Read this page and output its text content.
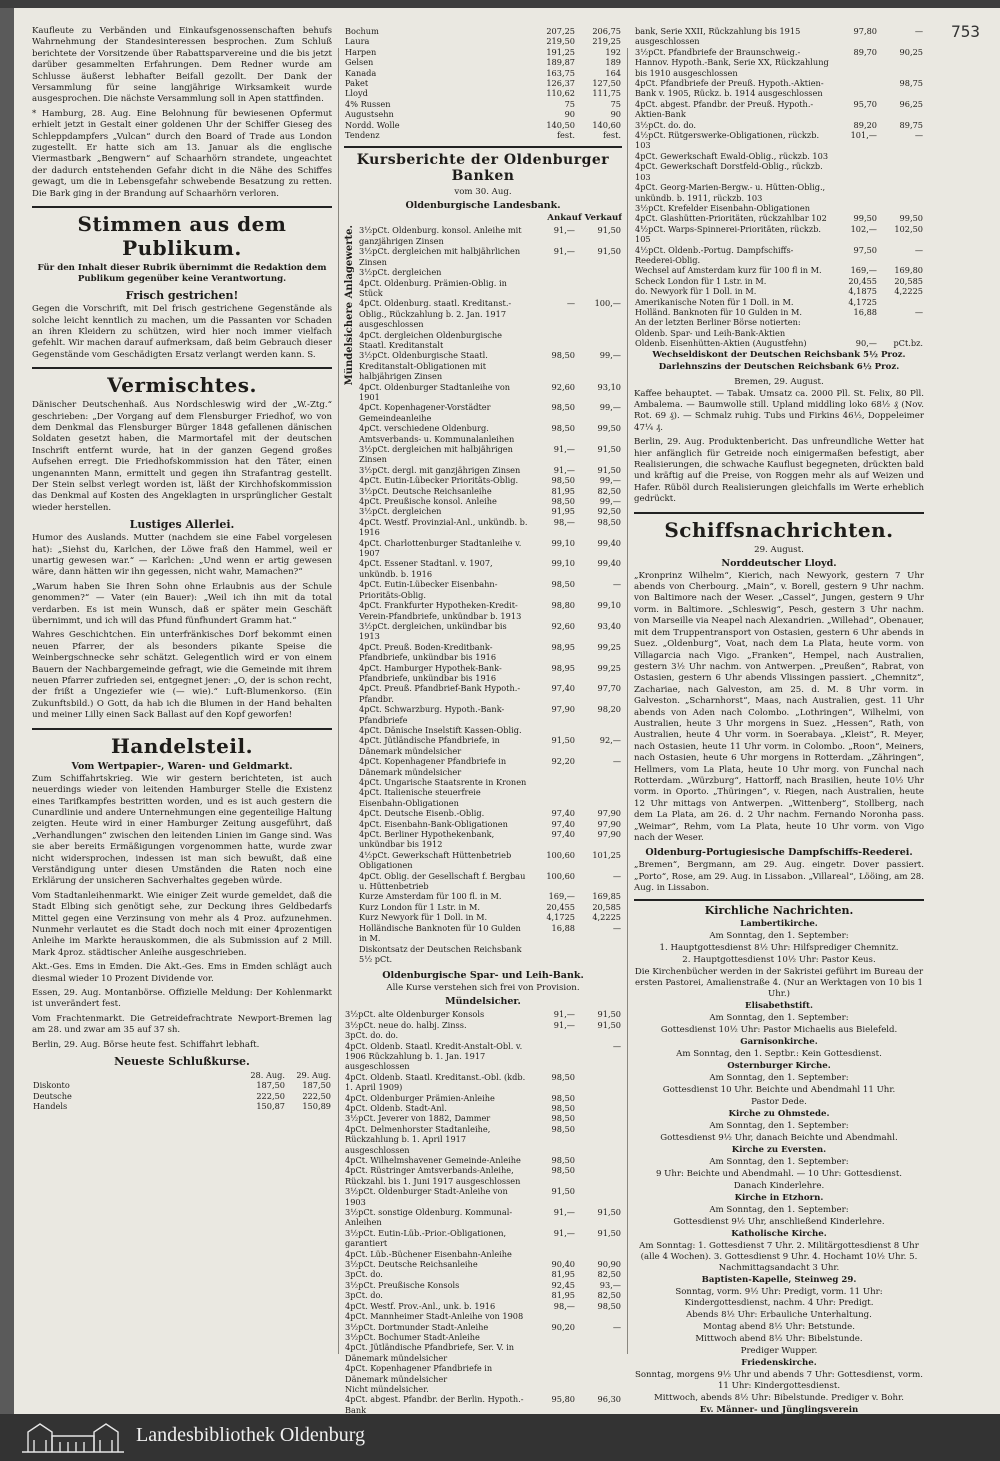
753

Kaufleute zu Verbänden und Einkaufsgenossenschaften behufs Wahrnehmung der Standesinteressen besprochen. Zum Schluß berichtete der Vorsitzende über Rabattsparvereine und die bis jetzt darüber gesammelten Erfahrungen. Dem Redner wurde am Schlusse äußerst lebhafter Beifall gezollt. Der Dank der Versammlung für seine langjährige Wirksamkeit wurde ausgesprochen. Die nächste Versammlung soll in Apen stattfinden.

* Hamburg, 28. Aug. Eine Belohnung für bewiesenen Opfermut erhielt jetzt in Gestalt einer goldenen Uhr der Schiffer Gieseg des Schleppdampfers „Vulcan“ durch den Board of Trade aus London zugestellt. Er hatte sich am 13. Januar als die englische Viermastbark „Bengwern“ auf Schaarhörn strandete, ungeachtet der dadurch entstehenden Gefahr dicht in die Nähe des Schiffes gewagt, um die in Lebensgefahr schwebende Besatzung zu retten. Die Bark ging in der Brandung auf Schaarhörn verloren.

Stimmen aus dem Publikum.
Für den Inhalt dieser Rubrik übernimmt die Redaktion dem Publikum gegenüber keine Verantwortung.
Frisch gestrichen!

Gegen die Vorschrift, mit Del frisch gestrichene Gegenstände als solche leicht kenntlich zu machen, um die Passanten vor Schaden an ihren Kleidern zu schützen, wird hier noch immer vielfach gefehlt. Wir machen darauf aufmerksam, daß beim Gebrauch dieser Gegenstände vom Geschädigten Ersatz verlangt werden kann. S.

Vermischtes.

Dänischer Deutschenhaß. Aus Nordschleswig wird der „W.-Ztg.“ geschrieben: „Der Vorgang auf dem Flensburger Friedhof, wo von dem Denkmal das Flensburger Bürger 1848 gefallenen dänischen Soldaten gesetzt haben, die Marmortafel mit der deutschen Inschrift entfernt wurde, hat in der ganzen Gegend großes Aufsehen erregt. Die Friedhofskommission hat den Täter, einen ungenannten Mann, ermittelt und gegen ihn Strafantrag gestellt. Der Stein selbst verlegt worden ist, läßt der Kirchhofskommission das Denkmal auf Kosten des Angeklagten in ursprünglicher Gestalt wieder herstellen.

Lustiges Allerlei.

Humor des Auslands. Mutter (nachdem sie eine Fabel vorgelesen hat): „Siehst du, Karlchen, der Löwe fraß den Hammel, weil er unartig gewesen war.“ — Karlchen: „Und wenn er artig gewesen wäre, dann hätten wir ihn gegessen, nicht wahr, Mamachen?“

„Warum haben Sie Ihren Sohn ohne Erlaubnis aus der Schule genommen?“ — Vater (ein Bauer): „Weil ich ihn mit da total verdarben. Es ist mein Wunsch, daß er später mein Geschäft übernimmt, und ich will das Pfund fünfhundert Gramm hat.“

Wahres Geschichtchen. Ein unterfränkisches Dorf bekommt einen neuen Pfarrer, der als besonders pikante Speise die Weinbergschnecke sehr schätzt. Gelegentlich wird er von einem Bauern der Nachbargemeinde gefragt, wie die Gemeinde mit ihrem neuen Pfarrer zufrieden sei, entgegnet jener: „O, der is schon recht, der frißt a Ungeziefer wie (— wie).“ Luft-Blumenkorso. (Ein Zukunftsbild.) O Gott, da hab ich die Blumen in der Hand behalten und meiner Lilly einen Sack Ballast auf den Kopf geworfen!

Handelsteil.
Vom Wertpapier-, Waren- und Geldmarkt.

Zum Schiffahrtskrieg. Wie wir gestern berichteten, ist auch neuerdings wieder von leitenden Hamburger Stelle die Existenz eines Tarifkampfes bestritten worden, und es ist auch gestern die Cunardlinie und andere Unternehmungen eine gegenteilige Haltung zeigten. Heute wird in einer Hamburger Zeitung ausgeführt, daß „Verhandlungen“ zwischen den leitenden Linien im Gange sind. Was sie aber bereits Ermäßigungen vorgenommen hatte, wurde zwar nicht widersprochen, indessen ist man sich bewußt, daß eine Verständigung unter diesen Umständen die Raten noch eine Erklärung der unsicheren Sachverhaltes gegeben würde.

Vom Stadtanleihenmarkt. Wie einiger Zeit wurde gemeldet, daß die Stadt Elbing sich genötigt sehe, zur Deckung ihres Geldbedarfs Mittel gegen eine Verzinsung von mehr als 4 Proz. aufzunehmen. Nunmehr verlautet es die Stadt doch noch mit einer 4prozentigen Anleihe im Markte herauskommen, die als Submission auf 2 Mill. Mark 4proz. städtischer Anleihe ausgeschrieben.

Akt.-Ges. Ems in Emden. Die Akt.-Ges. Ems in Emden schlägt auch diesmal wieder 10 Prozent Dividende vor.

Essen, 29. Aug. Montanbörse. Offizielle Meldung: Der Kohlenmarkt ist unverändert fest.

Vom Frachtenmarkt. Die Getreidefrachtrate Newport-Bremen lag am 28. und zwar am 35 auf 37 sh.

Berlin, 29. Aug. Börse heute fest. Schiffahrt lebhaft.

Neueste Schlußkurse.
	28. Aug.	29. Aug.
Diskonto	187,50	187,50
Deutsche	222,50	222,50
Handels	150,87	150,89
Bochum	207,25	206,75
Laura	219,50	219,25
Harpen	191,25	192
Gelsen	189,87	189
Kanada	163,75	164
Paket	126,37	127,50
Lloyd	110,62	111,75
4% Russen	75	75
Augustsehn	90	90
Nordd. Wolle	140,50	140,60
Tendenz	fest.	fest.
Kursberichte der Oldenburger Banken
vom 30. Aug.
Oldenburgische Landesbank.
Ankauf Verkauf
Mündelsichere Anlagewerte. 3½pCt. Oldenburg. konsol. Anleihe mit ganzjährigen Zinsen	91,—	91,50
3½pCt. dergleichen mit halbjährlichen Zinsen	91,—	91,50
3½pCt. dergleichen		
4pCt. Oldenburg. Prämien-Oblig. in Stück		
4pCt. Oldenburg. staatl. Kreditanst.-Oblig., Rückzahlung b. 2. Jan. 1917 ausgeschlossen	—	100,—
4pCt. dergleichen Oldenburgische Staatl. Kreditanstalt		
3½pCt. Oldenburgische Staatl. Kreditanstalt-Obligationen mit halbjährigen Zinsen	98,50	99,—
4pCt. Oldenburger Stadtanleihe von 1901	92,60	93,10
4pCt. Kopenhagener-Vorstädter Gemeindeanleihe	98,50	99,—
4pCt. verschiedene Oldenburg. Amtsverbands- u. Kommunalanleihen	98,50	99,50
3½pCt. dergleichen mit halbjährigen Zinsen	91,—	91,50
3½pCt. dergl. mit ganzjährigen Zinsen	91,—	91,50
4pCt. Eutin-Lübecker Prioritäts-Oblig.	98,50	99,—
3½pCt. Deutsche Reichsanleihe	81,95	82,50
4pCt. Preußische konsol. Anleihe	98,50	99,—
3½pCt. dergleichen	91,95	92,50
4pCt. Westf. Provinzial-Anl., unkündb. b. 1916	98,—	98,50
4pCt. Charlottenburger Stadtanleihe v. 1907	99,10	99,40
4pCt. Essener Stadtanl. v. 1907, unkündb. b. 1916	99,10	99,40
4pCt. Eutin-Lübecker Eisenbahn-Prioritäts-Oblig.	98,50	—
4pCt. Frankfurter Hypotheken-Kredit-Verein-Pfandbriefe, unkündbar b. 1913	98,80	99,10
3½pCt. dergleichen, unkündbar bis 1913	92,60	93,40
4pCt. Preuß. Boden-Kreditbank-Pfandbriefe, unkündbar bis 1916	98,95	99,25
4pCt. Hamburger Hypothek-Bank-Pfandbriefe, unkündbar bis 1916	98,95	99,25
4pCt. Preuß. Pfandbrief-Bank Hypoth.-Pfandbr.	97,40	97,70
4pCt. Schwarzburg. Hypoth.-Bank-Pfandbriefe	97,90	98,20
4pCt. Dänische Inselstift Kassen-Oblig.		
4pCt. Jütländische Pfandbriefe, in Dänemark mündelsicher	91,50	92,—
4pCt. Kopenhagener Pfandbriefe in Dänemark mündelsicher	92,20	—
4pCt. Ungarische Staatsrente in Kronen		
4pCt. Italienische steuerfreie Eisenbahn-Obligationen		
4pCt. Deutsche Eisenb.-Oblig.	97,40	97,90
4pCt. Eisenbahn-Bank-Obligationen	97,40	97,90
4pCt. Berliner Hypothekenbank, unkündbar bis 1912	97,40	97,90
4½pCt. Gewerkschaft Hüttenbetrieb Obligationen	100,60	101,25
4pCt. Oblig. der Gesellschaft f. Bergbau u. Hüttenbetrieb	100,60	—
Kurze Amsterdam für 100 fl. in M.	169,—	169,85
Kurz London für 1 Lstr. in M.	20,455	20,585
Kurz Newyork für 1 Doll. in M.	4,1725	4,2225
Holländische Banknoten für 10 Gulden in M.	16,88	—
Diskontsatz der Deutschen Reichsbank 5½ pCt.		
Oldenburgische Spar- und Leih-Bank.
Alle Kurse verstehen sich frei von Provision.
Mündelsicher.
3½pCt. alte Oldenburger Konsols	91,—	91,50
3½pCt. neue do. halbj. Zinss.	91,—	91,50
3pCt. do. do.		
4pCt. Oldenb. Staatl. Kredit-Anstalt-Obl. v. 1906 Rückzahlung b. 1. Jan. 1917 ausgeschlossen		—
4pCt. Oldenb. Staatl. Kreditanst.-Obl. (kdb. 1. April 1909)	98,50	
4pCt. Oldenburger Prämien-Anleihe	98,50	
4pCt. Oldenb. Stadt-Anl.	98,50	
3½pCt. Jeverer von 1882, Dammer	98,50	
4pCt. Delmenhorster Stadtanleihe, Rückzahlung b. 1. April 1917 ausgeschlossen	98,50	
4pCt. Wilhelmshavener Gemeinde-Anleihe	98,50	
4pCt. Rüstringer Amtsverbands-Anleihe, Rückzahl. bis 1. Juni 1917 ausgeschlossen	98,50	
3½pCt. Oldenburger Stadt-Anleihe von 1903	91,50	
3½pCt. sonstige Oldenburg. Kommunal-Anleihen	91,—	91,50
3½pCt. Eutin-Lüb.-Prior.-Obligationen, garantiert	91,—	91,50
4pCt. Lüb.-Büchener Eisenbahn-Anleihe		
3½pCt. Deutsche Reichsanleihe	90,40	90,90
3pCt. do.	81,95	82,50
3½pCt. Preußische Konsols	92,45	93,—
3pCt. do.	81,95	82,50
4pCt. Westf. Prov.-Anl., unk. b. 1916	98,—	98,50
4pCt. Mannheimer Stadt-Anleihe von 1908		
3½pCt. Dortmunder Stadt-Anleihe	90,20	—
3½pCt. Bochumer Stadt-Anleihe		
4pCt. Jütländische Pfandbriefe, Ser. V. in Dänemark mündelsicher		
4pCt. Kopenhagener Pfandbriefe in Dänemark mündelsicher		
Nicht mündelsicher.		
4pCt. abgest. Pfandbr. der Berlin. Hypoth.-Bank	95,80	96,30

bank, Serie XXII, Rückzahlung bis 1915 ausgeschlossen	97,80	—
3½pCt. Pfandbriefe der Braunschweig.-Hannov. Hypoth.-Bank, Serie XX, Rückzahlung bis 1910 ausgeschlossen	89,70	90,25
4pCt. Pfandbriefe der Preuß. Hypoth.-Aktien-Bank v. 1905, Rückz. b. 1914 ausgeschlossen		98,75
4pCt. abgest. Pfandbr. der Preuß. Hypoth.-Aktien-Bank	95,70	96,25
3½pCt. do. do.	89,20	89,75
4½pCt. Rütgerswerke-Obligationen, rückzb. 103	101,—	—
4pCt. Gewerkschaft Ewald-Oblig., rückzb. 103		
4pCt. Gewerkschaft Dorstfeld-Oblig., rückzb. 103		
4pCt. Georg-Marien-Bergw.- u. Hütten-Oblig., unkündb. b. 1911, rückzb. 103		
3½pCt. Krefelder Eisenbahn-Obligationen		
4pCt. Glashütten-Prioritäten, rückzahlbar 102	99,50	99,50
4½pCt. Warps-Spinnerei-Prioritäten, rückzb. 105	102,—	102,50
4½pCt. Oldenb.-Portug. Dampfschiffs-Reederei-Oblig.	97,50	—
Wechsel auf Amsterdam kurz für 100 fl in M.	169,—	169,80
Scheck London für 1 Lstr. in M.	20,455	20,585
do. Newyork für 1 Doll. in M.	4,1875	4,2225
Amerikanische Noten für 1 Doll. in M.	4,1725	
Holländ. Banknoten für 10 Gulden in M.	16,88	—
An der letzten Berliner Börse notierten:		
Oldenb. Spar- und Leih-Bank-Aktien		
Oldenb. Eisenhütten-Aktien (Augustfehn)	90,—	pCt.bz.
Wechseldiskont der Deutschen Reichsbank 5½ Proz.
Darlehnszins der Deutschen Reichsbank 6½ Proz.
Bremen, 29. August.

Kaffee behauptet. — Tabak. Umsatz ca. 2000 Pll. St. Felix, 80 Pll. Ambalema. — Baumwolle still. Upland middling loko 68½ ₰ (Nov. Rot. 69 ₰). — Schmalz ruhig. Tubs und Firkins 46½, Doppeleimer 47¼ ₰.

Berlin, 29. Aug. Produktenbericht. Das unfreundliche Wetter hat hier anfänglich für Getreide noch einigermaßen befestigt, aber Realisierungen, die schwache Kauflust begegneten, drückten bald und kräftig auf die Preise, von Roggen mehr als auf Weizen und Hafer. Rüböl durch Realisierungen gleichfalls im Werte erheblich gedrückt.

Schiffsnachrichten.
29. August.
Norddeutscher Lloyd.

„Kronprinz Wilhelm“, Kierich, nach Newyork, gestern 7 Uhr abends von Cherbourg. „Main“, v. Borell, gestern 9 Uhr nachm. von Baltimore nach der Weser. „Cassel“, Jungen, gestern 9 Uhr vorm. in Baltimore. „Schleswig“, Pesch, gestern 3 Uhr nachm. von Marseille via Neapel nach Alexandrien. „Willehad“, Obenauer, mit dem Truppentransport von Ostasien, gestern 6 Uhr abends in Suez. „Oldenburg“, Voat, nach dem La Plata, heute vorm. von Villagarcia nach Vigo. „Franken“, Hempel, nach Australien, gestern 3½ Uhr nachm. von Antwerpen. „Preußen“, Rabrat, von Ostasien, gestern 6 Uhr abends Vlissingen passiert. „Chemnitz“, Zachariae, nach Galveston, am 25. d. M. 8 Uhr vorm. in Galveston. „Scharnhorst“, Maas, nach Australien, gest. 11 Uhr abends von Aden nach Colombo. „Lothringen“, Wilhelmi, von Australien, heute 3 Uhr morgens in Suez. „Hessen“, Rath, von Australien, heute 4 Uhr vorm. in Soerabaya. „Kleist“, R. Meyer, nach Ostasien, heute 11 Uhr vorm. in Colombo. „Roon“, Meiners, nach Ostasien, heute 6 Uhr morgens in Rotterdam. „Zähringen“, Hellmers, vom La Plata, heute 10 Uhr morg. von Funchal nach Rotterdam. „Würzburg“, Hattorff, nach Brasilien, heute 10½ Uhr vorm. in Oporto. „Thüringen“, v. Riegen, nach Australien, heute 12 Uhr mittags von Antwerpen. „Wittenberg“, Stollberg, nach dem La Plata, am 26. d. 2 Uhr nachm. Fernando Noronha pass. „Weimar“, Rehm, vom La Plata, heute 10 Uhr vorm. von Vigo nach der Weser.

Oldenburg-Portugiesische Dampfschiffs-Reederei.

„Bremen“, Bergmann, am 29. Aug. eingetr. Dover passiert. „Porto“, Rose, am 29. Aug. in Lissabon. „Villareal“, Lööing, am 28. Aug. in Lissabon.

Kirchliche Nachrichten.
Lambertikirche.
Am Sonntag, den 1. September:
1. Hauptgottesdienst 8½ Uhr: Hilfsprediger Chemnitz.
2. Hauptgottesdienst 10½ Uhr: Pastor Keus.
Die Kirchenbücher werden in der Sakristei geführt im Bureau der ersten Pastorei, Amalienstraße 4. (Nur an Werktagen von 10 bis 1 Uhr.)
Elisabethstift.
Am Sonntag, den 1. September:
Gottesdienst 10½ Uhr: Pastor Michaelis aus Bielefeld.
Garnisonkirche.
Am Sonntag, den 1. Septbr.: Kein Gottesdienst.
Osternburger Kirche.
Am Sonntag, den 1. September:
Gottesdienst 10 Uhr. Beichte und Abendmahl 11 Uhr.
Pastor Dede.
Kirche zu Ohmstede.
Am Sonntag, den 1. September:
Gottesdienst 9½ Uhr, danach Beichte und Abendmahl.
Kirche zu Eversten.
Am Sonntag, den 1. September:
9 Uhr: Beichte und Abendmahl. — 10 Uhr: Gottesdienst.
Danach Kinderlehre.
Kirche in Etzhorn.
Am Sonntag, den 1. September:
Gottesdienst 9½ Uhr, anschließend Kinderlehre.
Katholische Kirche.
Am Sonntag: 1. Gottesdienst 7 Uhr. 2. Militärgottesdienst 8 Uhr (alle 4 Wochen). 3. Gottesdienst 9 Uhr. 4. Hochamt 10½ Uhr. 5. Nachmittagsandacht 3 Uhr.
Baptisten-Kapelle, Steinweg 29.
Sonntag, vorm. 9½ Uhr: Predigt, vorm. 11 Uhr: Kindergottesdienst, nachm. 4 Uhr: Predigt.
Abends 8½ Uhr: Erbauliche Unterhaltung.
Montag abend 8½ Uhr: Betstunde.
Mittwoch abend 8½ Uhr: Bibelstunde.
Prediger Wupper.
Friedenskirche.
Sonntag, morgens 9½ Uhr und abends 7 Uhr: Gottesdienst, vorm. 11 Uhr: Kindergottesdienst.
Mittwoch, abends 8½ Uhr: Bibelstunde. Prediger v. Bohr.
Ev. Männer- und Jünglingsverein
Landesbibliothek Oldenburg
